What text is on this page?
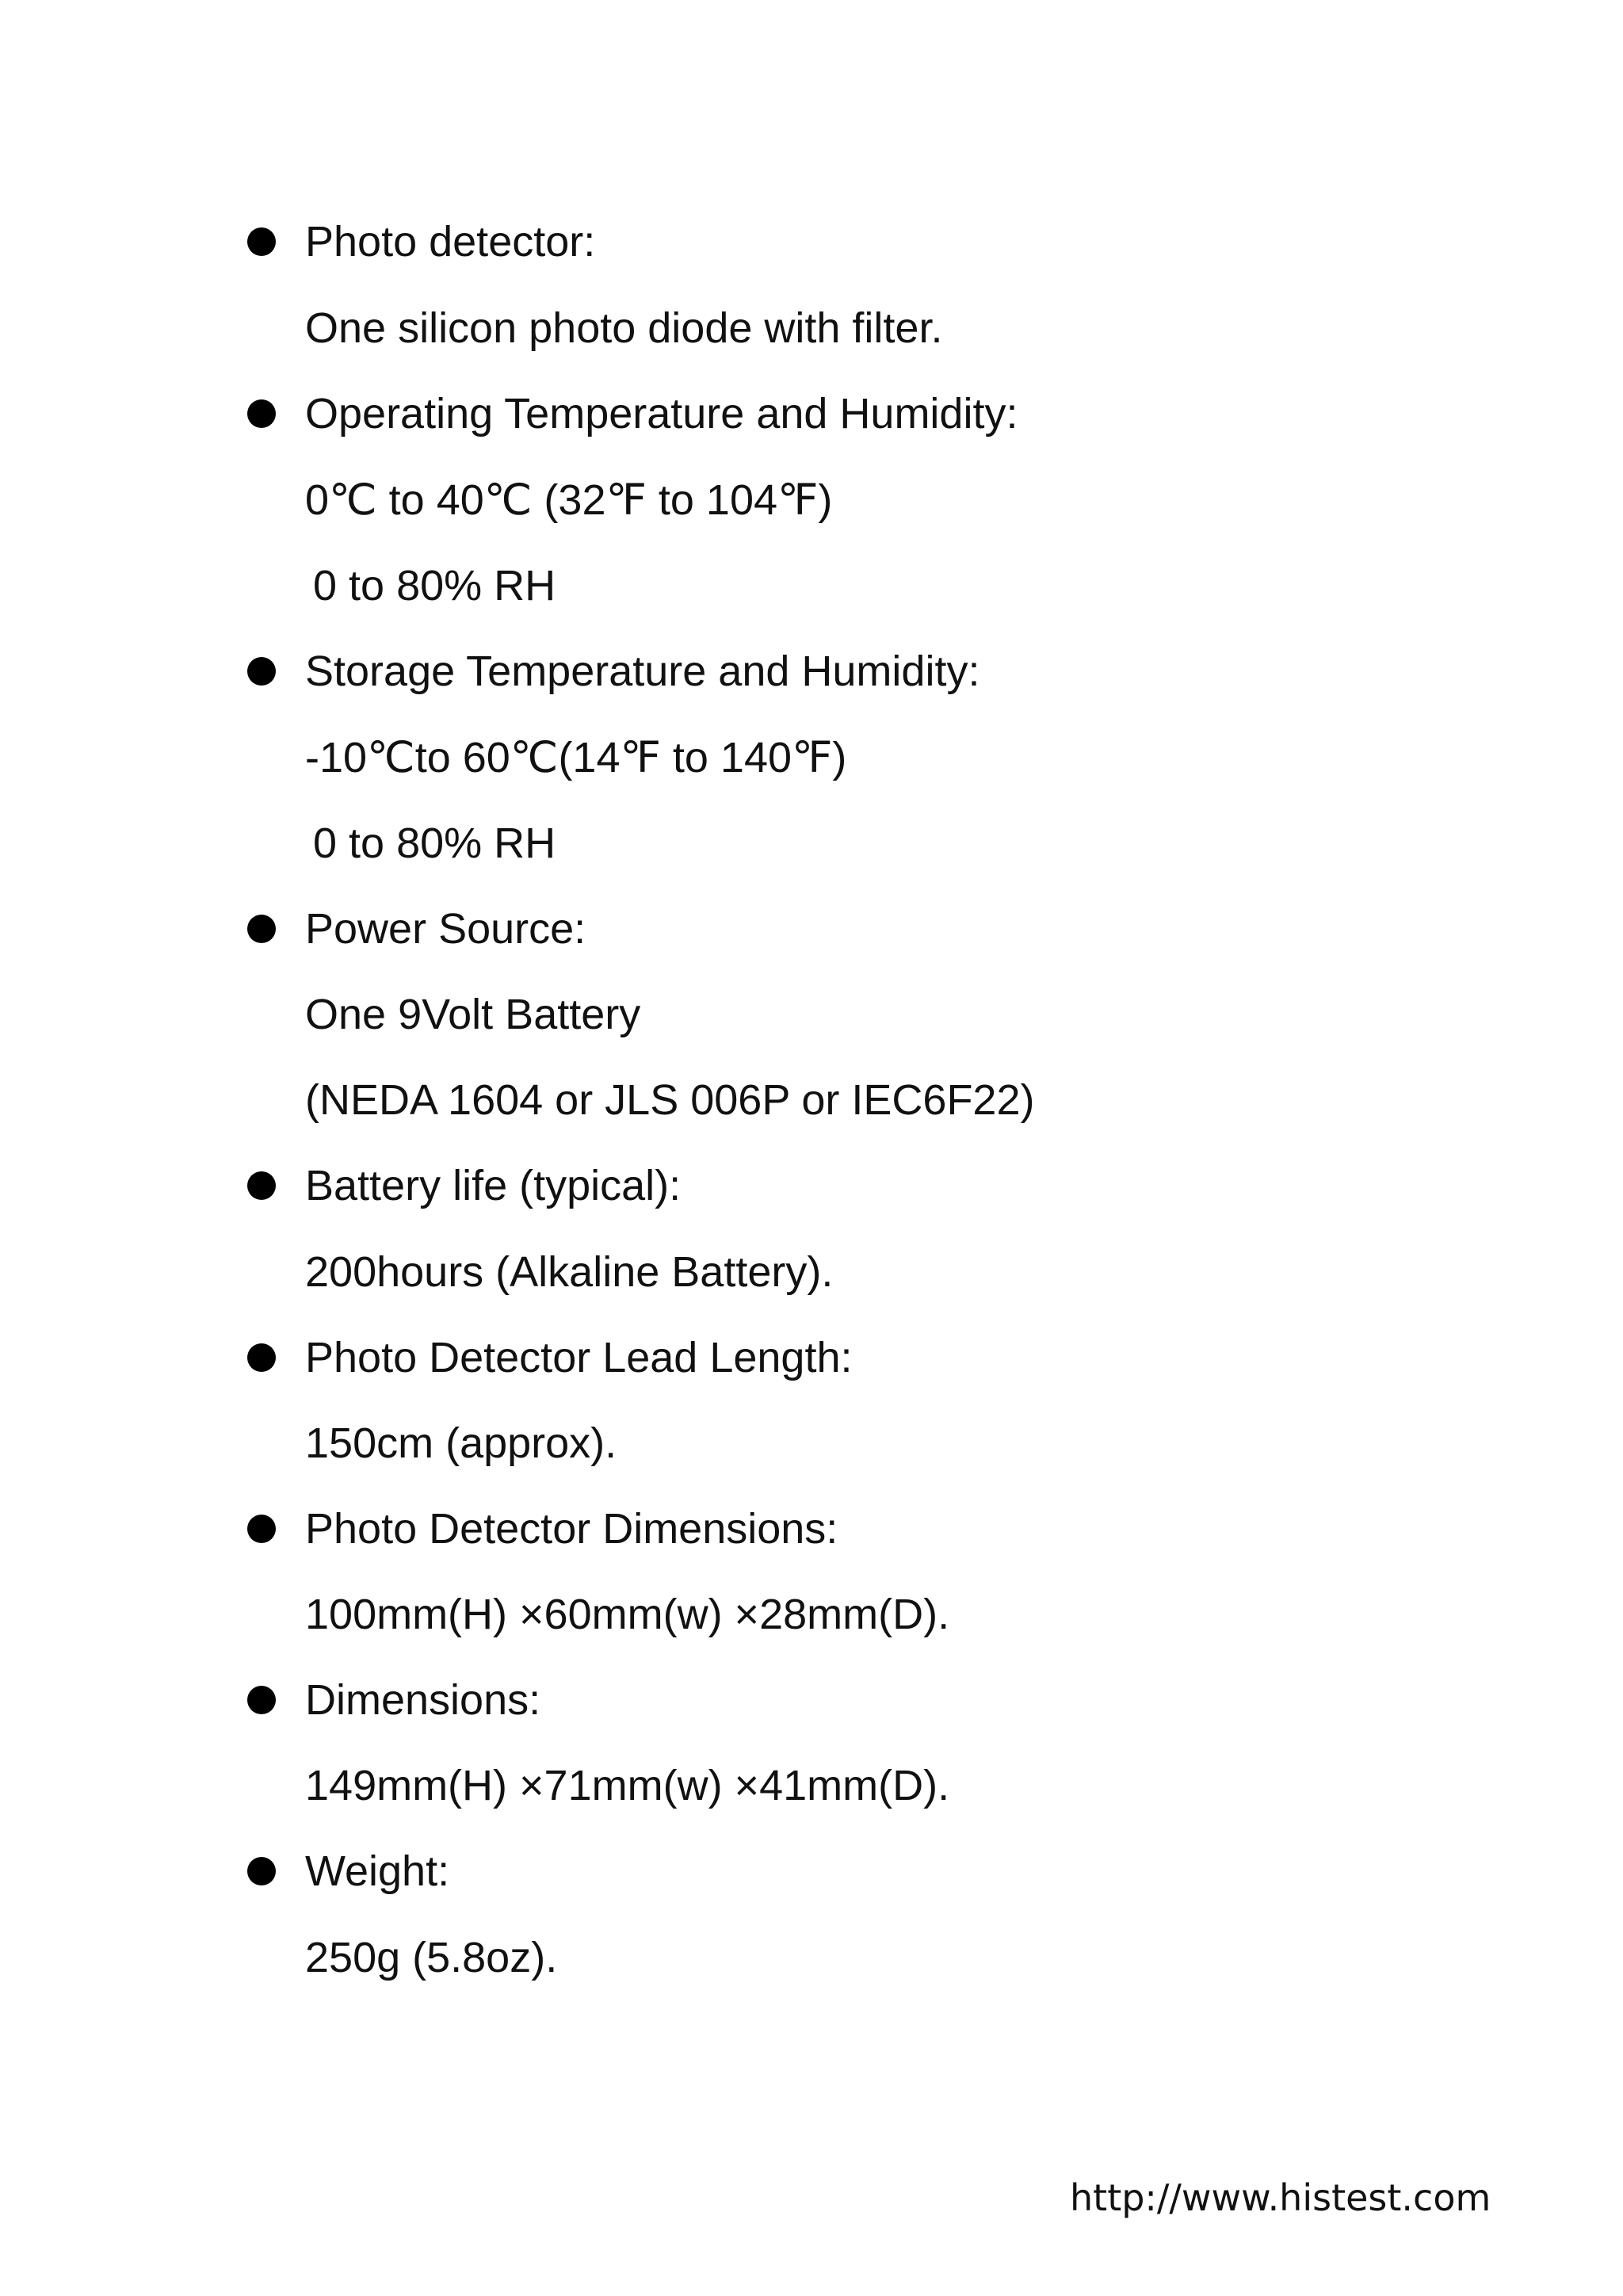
Photo detector:
One silicon photo diode with filter.
Operating Temperature and Humidity:
0℃ to 40℃ (32℉ to 104℉)
0 to 80% RH
Storage Temperature and Humidity:
-10℃to 60℃(14℉ to 140℉)
0 to 80% RH
Power Source:
One 9Volt Battery
(NEDA 1604 or JLS 006P or IEC6F22)
Battery life (typical):
200hours (Alkaline Battery).
Photo Detector Lead Length:
150cm (approx).
Photo Detector Dimensions:
100mm(H) ×60mm(w) ×28mm(D).
Dimensions:
149mm(H) ×71mm(w) ×41mm(D).
Weight:
250g (5.8oz).
http://www.histest.com
